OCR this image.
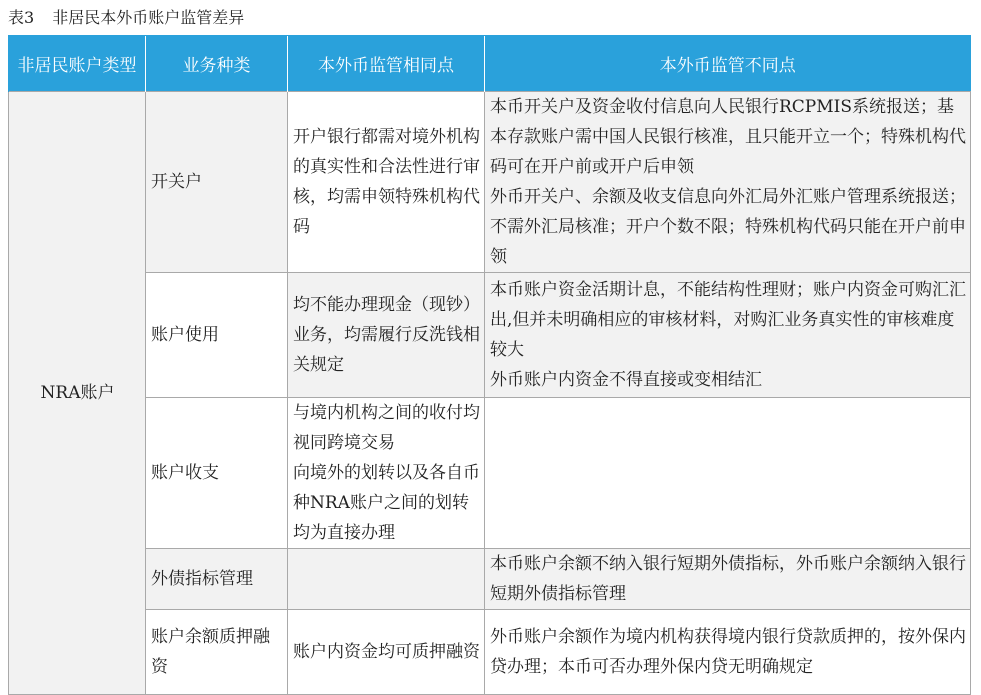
表3 非居民本外币账户监管差异
非居民账户类型	业务种类	本外币监管相同点	本外币监管不同点
NRA账户	开关户	开户银行都需对境外机构的真实性和合法性进行审核，均需申领特殊机构代码	本币开关户及资金收付信息向人民银行RCPMIS系统报送；基本存款账户需中国人民银行核准，且只能开立一个；特殊机构代码可在开户前或开户后申领
外币开关户、余额及收支信息向外汇局外汇账户管理系统报送；不需外汇局核准；开户个数不限；特殊机构代码只能在开户前申领

	账户使用	均不能办理现金（现钞）业务，均需履行反洗钱相关规定	本币账户资金活期计息，不能结构性理财；账户内资金可购汇汇出,但并未明确相应的审核材料，对购汇业务真实性的审核难度较大
外币账户内资金不得直接或变相结汇

	账户收支	与境内机构之间的收付均视同跨境交易
向境外的划转以及各自币种NRA账户之间的划转均为直接办理	

	外债指标管理		本币账户余额不纳入银行短期外债指标，外币账户余额纳入银行短期外债指标管理
	账户余额质押融资	账户内资金均可质押融资	外币账户余额作为境内机构获得境内银行贷款质押的，按外保内贷办理；本币可否办理外保内贷无明确规定
